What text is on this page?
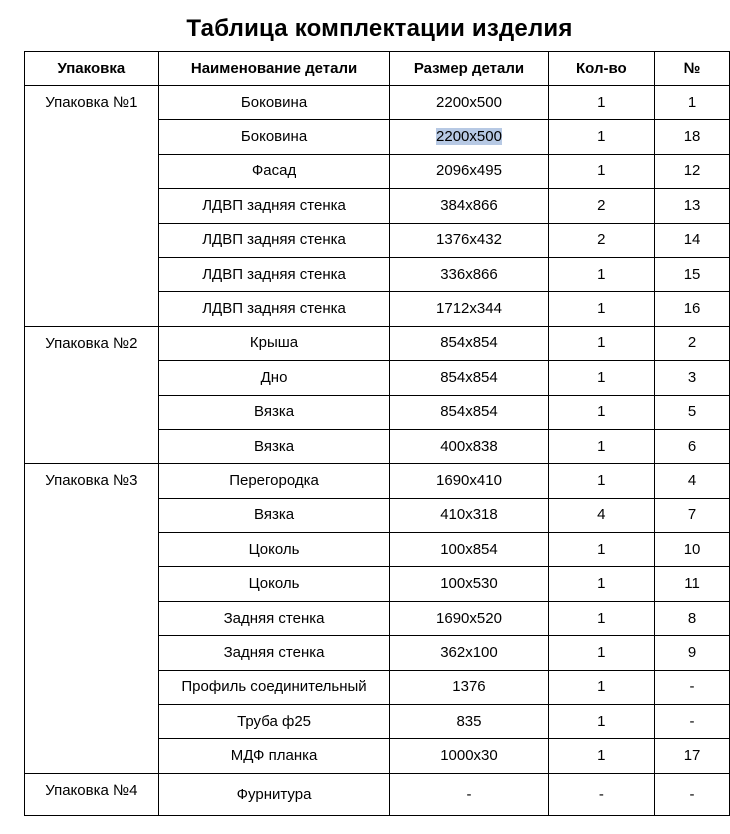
Таблица комплектации изделия
Упаковка	Наименование детали	Размер детали	Кол-во	№
Упаковка №1	Боковина	2200x500	1	1
	Боковина	2200x500	1	18
	Фасад	2096x495	1	12
	ЛДВП задняя стенка	384x866	2	13
	ЛДВП задняя стенка	1376x432	2	14
	ЛДВП задняя стенка	336x866	1	15
	ЛДВП задняя стенка	1712x344	1	16
Упаковка №2	Крыша	854x854	1	2
	Дно	854x854	1	3
	Вязка	854x854	1	5
	Вязка	400x838	1	6
Упаковка №3	Перегородка	1690x410	1	4
	Вязка	410x318	4	7
	Цоколь	100x854	1	10
	Цоколь	100x530	1	11
	Задняя стенка	1690x520	1	8
	Задняя стенка	362x100	1	9
	Профиль соединительный	1376	1	-
	Труба ф25	835	1	-
	МДФ планка	1000x30	1	17
Упаковка №4	Фурнитура	-	-	-
